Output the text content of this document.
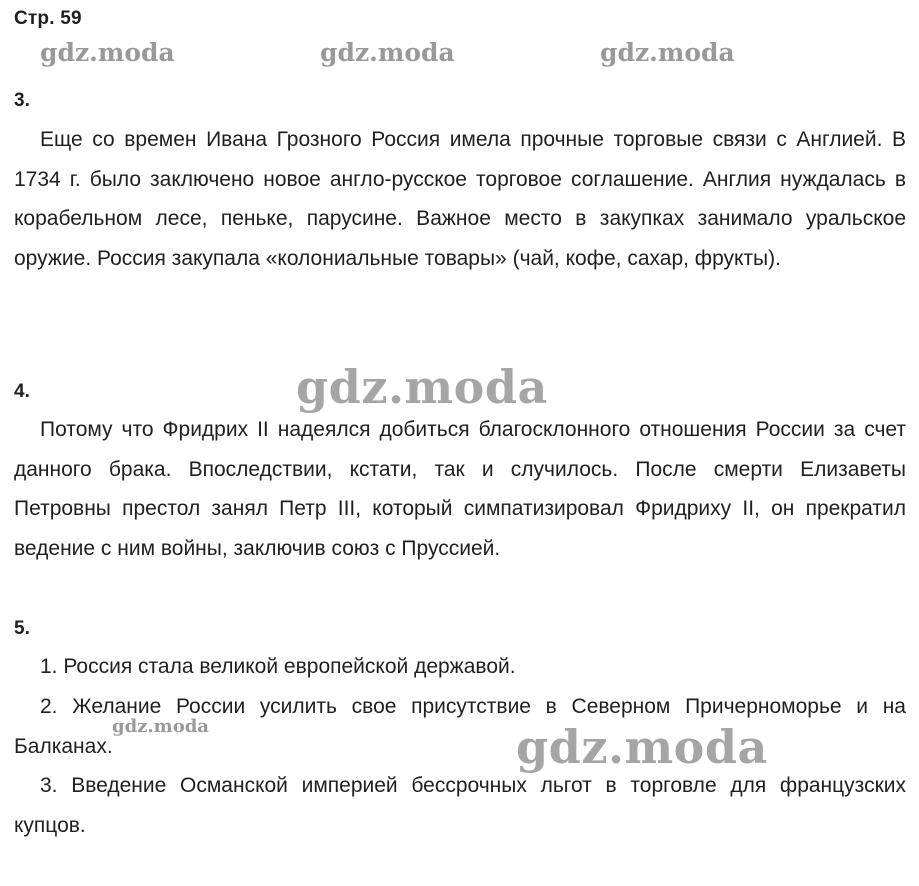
Стр. 59
gdz.moda	gdz.moda	gdz.moda
gdz.moda
gdz.moda	gdz.moda
3.
Еще со времен Ивана Грозного Россия имела прочные торговые связи с Англией. В 1734 г. было заключено новое англо-русское торговое соглашение. Англия нуждалась в корабельном лесе, пеньке, парусине. Важное место в закупках занимало уральское оружие. Россия закупала «колониальные товары» (чай, кофе, сахар, фрукты).
4.
Потому что Фридрих II надеялся добиться благосклонного отношения России за счет данного брака. Впоследствии, кстати, так и случилось. После смерти Елизаветы Петровны престол занял Петр III, который симпатизировал Фридриху II, он прекратил ведение с ним войны, заключив союз с Пруссией.
5.
1. Россия стала великой европейской державой.
2. Желание России усилить свое присутствие в Северном Причерноморье и на Балканах.
3. Введение Османской империей бессрочных льгот в торговле для французских купцов.
